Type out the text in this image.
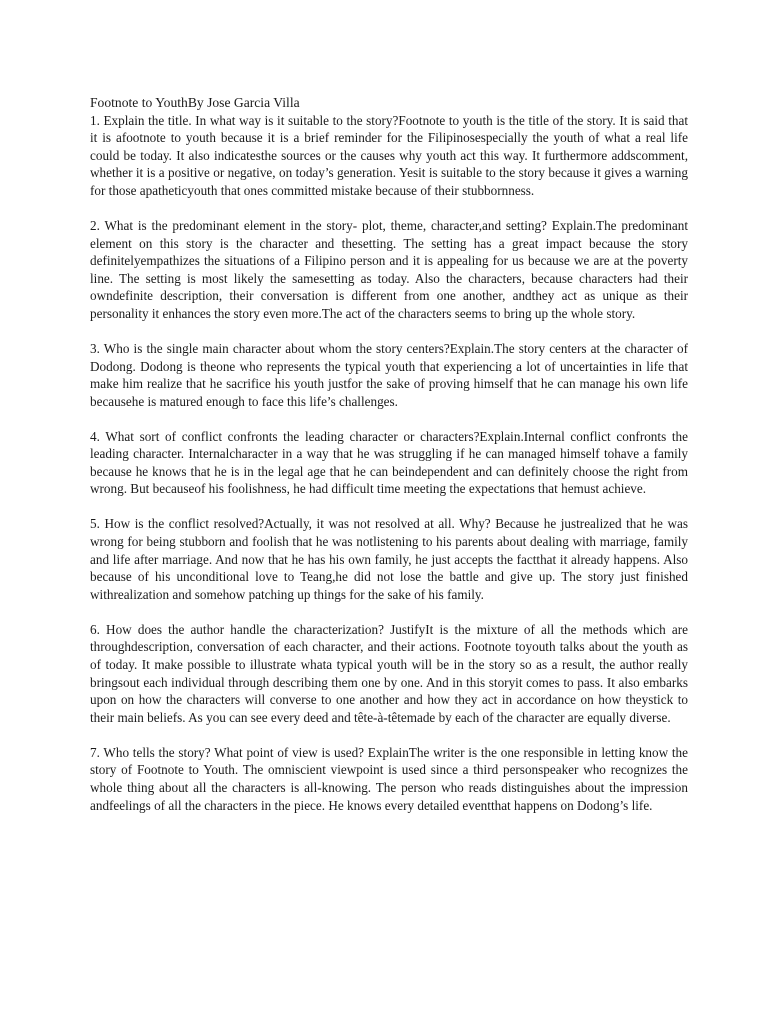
Footnote to YouthBy Jose Garcia Villa

1. Explain the title. In what way is it suitable to the story?Footnote to youth is the title of the story. It is said that it is afootnote to youth because it is a brief reminder for the Filipinosespecially the youth of what a real life could be today. It also indicatesthe sources or the causes why youth act this way. It furthermore addscomment, whether it is a positive or negative, on today’s generation. Yesit is suitable to the story because it gives a warning for those apatheticyouth that ones committed mistake because of their stubbornness.

2. What is the predominant element in the story- plot, theme, character,and setting? Explain.The predominant element on this story is the character and thesetting. The setting has a great impact because the story definitelyempathizes the situations of a Filipino person and it is appealing for us because we are at the poverty line. The setting is most likely the samesetting as today. Also the characters, because characters had their owndefinite description, their conversation is different from one another, andthey act as unique as their personality it enhances the story even more.The act of the characters seems to bring up the whole story.

3. Who is the single main character about whom the story centers?Explain.The story centers at the character of Dodong. Dodong is theone who represents the typical youth that experiencing a lot of uncertainties in life that make him realize that he sacrifice his youth justfor the sake of proving himself that he can manage his own life becausehe is matured enough to face this life’s challenges.

4. What sort of conflict confronts the leading character or characters?Explain.Internal conflict confronts the leading character. Internalcharacter in a way that he was struggling if he can managed himself tohave a family because he knows that he is in the legal age that he can beindependent and can definitely choose the right from wrong. But becauseof his foolishness, he had difficult time meeting the expectations that hemust achieve.

5. How is the conflict resolved?Actually, it was not resolved at all. Why? Because he justrealized that he was wrong for being stubborn and foolish that he was notlistening to his parents about dealing with marriage, family and life after marriage. And now that he has his own family, he just accepts the factthat it already happens. Also because of his unconditional love to Teang,he did not lose the battle and give up. The story just finished withrealization and somehow patching up things for the sake of his family.

6. How does the author handle the characterization? JustifyIt is the mixture of all the methods which are throughdescription, conversation of each character, and their actions. Footnote toyouth talks about the youth as of today. It make possible to illustrate whata typical youth will be in the story so as a result, the author really bringsout each individual through describing them one by one. And in this storyit comes to pass. It also embarks upon on how the characters will converse to one another and how they act in accordance on how theystick to their main beliefs. As you can see every deed and tête-à-têtemade by each of the character are equally diverse.

7. Who tells the story? What point of view is used? ExplainThe writer is the one responsible in letting know the story of Footnote to Youth. The omniscient viewpoint is used since a third personspeaker who recognizes the whole thing about all the characters is all-knowing. The person who reads distinguishes about the impression andfeelings of all the characters in the piece. He knows every detailed eventthat happens on Dodong’s life.
